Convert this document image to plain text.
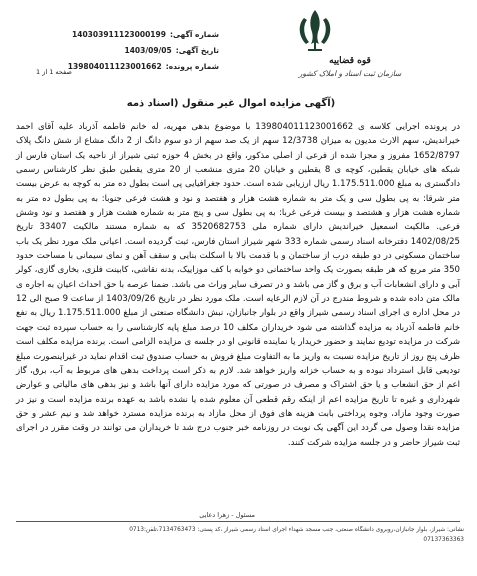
شماره آگهی:
140303911123000199
تاریخ آگهی:
1403/09/05
شماره پرونده:
139804011123001662
قوه قضاییه
سازمان ثبت اسناد و املاک کشور
صفحه 1 از 1
(آگهی مزایده اموال غیر منقول (اسناد ذمه
در پرونده اجرایی کلاسه ی 139804011123001662 با موضوع بدهی مهریه، له خانم فاطمه آذرباد علیه آقای احمد خیراندیش، سهم الارث مدیون به میزان 12/3738 سهم از یک صد سهم از دو سوم دانگ از 2 دانگ مشاع از شش دانگ پلاک 1652/8797 مفروز و مجزا شده از فرعی از اصلی مذکور، واقع در بخش 4 حوزه ثبتی شیراز از ناحیه یک استان فارس از شبکه های خیابان یقطین، کوچه ی 8 یقطین و خیابان 20 متری منشعب از 20 متری یقطین طبق نظر کارشناس رسمی دادگستری به مبلغ 1.175.511.000 ریال ارزیابی شده است. حدود جغرافیایی پی است بطول ده متر به کوچه به عرض بیست متر شرقا: به پی بطول سی و یک متر به شماره هشت هزار و هفتصد و نود و هشت فرعی جنوبا: به پی بطول ده متر به شماره هشت هزار و هشتصد و بیست فرعی غربا: به پی بطول سی و پنج متر به شماره هشت هزار و هفتصد و نود وشش فرعی. مالکیت اسمعیل خیراندیش دارای شماره ملی 3520682753 که به شماره مستند مالکیت 33407 تاریخ 1402/08/25 دفترخانه اسناد رسمی شماره 333 شهر شیراز استان فارس، ثبت گردیده است. اعیانی ملک مورد نظر یک باب ساختمان مسکونی در دو طبقه درب از ساختمان و با قدمت بالا با اسکلت بنایی و سقف آهن و نمای سیمانی با مساحت حدود 350 متر مربع که هر طبقه بصورت یک واحد ساختمانی دو خوابه با کف موزاییک، بدنه نقاشی، کابینت فلزی، بخاری گازی، کولر آبی و دارای انشعابات آب و برق و گاز می باشد و در تصرف سایر وراث می باشد. ضمنا عرصه با حق احداث اعیان به اجاره ی مالک متن داده شده و شروط مندرج در آن لازم الرعایه است. ملک مورد نظر در تاریخ 1403/09/26 از ساعت 9 صبح الی 12 در محل اداره ی اجرای اسناد رسمی شیراز واقع در بلوار جانبازان، نبش دانشگاه صنعتی از مبلغ 1.175.511.000 ریال به نفع خانم فاطمه آذرباد به مزایده گذاشته می شود خریداران مکلف 10 درصد مبلغ پایه کارشناسی را به حساب سپرده ثبت جهت شرکت در مزایده تودیع نمایند و حضور خریدار یا نماینده قانونی او در جلسه ی مزایده الزامی است. برنده مزایده مکلف است ظرف پنج روز از تاریخ مزایده نسبت به واریز ما به التفاوت مبلغ فروش به حساب صندوق ثبت اقدام نماید در غیراینصورت مبلغ تودیعی قابل استرداد نبوده و به حساب خزانه واریز خواهد شد. لازم به ذکر است پرداخت بدهی های مربوط به آب، برق، گاز اعم از حق انشعاب و یا حق اشتراک و مصرف در صورتی که مورد مزایده دارای آنها باشد و نیز بدهی های مالیاتی و عوارض شهرداری و غیره تا تاریخ مزایده اعم از اینکه رقم قطعی آن معلوم شده یا نشده باشد به عهده برنده مزایده است و نیز در صورت وجود مازاد، وجوه پرداختی بابت هزینه های فوق از محل مازاد به برنده مزایده مسترد خواهد شد و نیم عشر و حق مزایده نقدا وصول می گردد این آگهی یک نوبت در روزنامه خبر جنوب درج شد تا خریداران می توانند در وقت مقرر در اجرای ثبت شیراز حاضر و در جلسه مزایده شرکت کنند.
مسئول - زهرا دعایی
نشانی: شیراز، بلوار جانبازان،روبروی دانشگاه صنعتی، جنب مسجد شهداء اجرای اسناد رسمی شیراز ،کد پستی: 7134763473،تلفن:0713
07137363363
